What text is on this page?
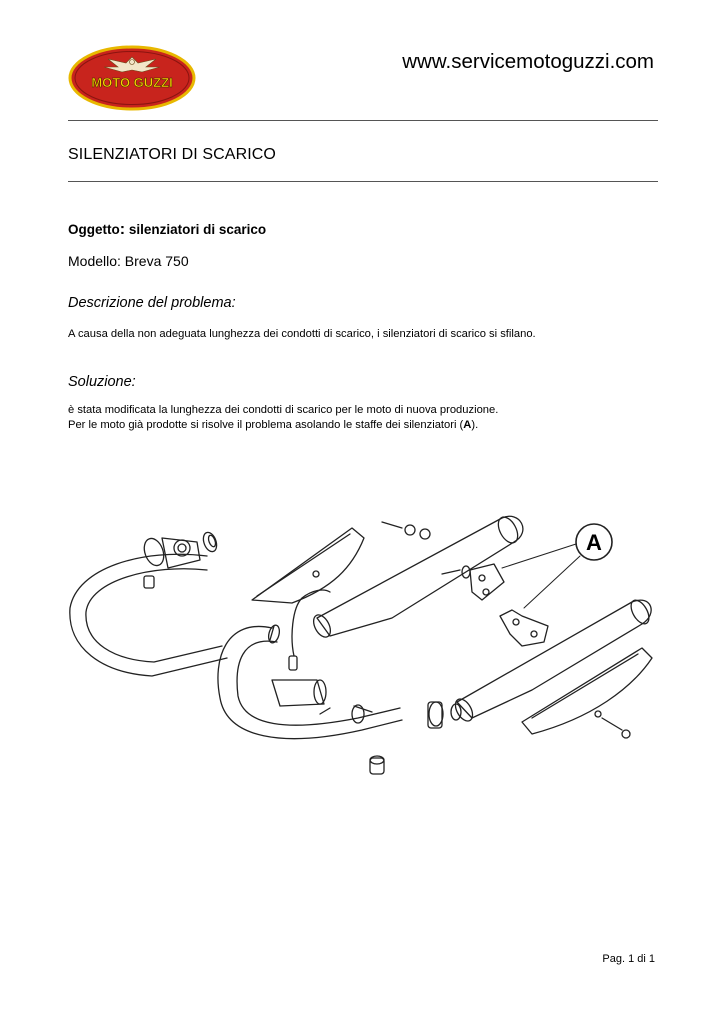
MOTO GUZZI
www.servicemotoguzzi.com
SILENZIATORI DI SCARICO
Oggetto: silenziatori di scarico
Modello: Breva 750
Descrizione del problema:
A causa della non adeguata lunghezza dei condotti di scarico, i silenziatori di scarico si sfilano.
Soluzione:
è stata modificata la lunghezza dei condotti di scarico per le moto di nuova produzione.
Per le moto già prodotte si risolve il problema asolando le staffe dei silenziatori (A).
A
Pag. 1 di 1
